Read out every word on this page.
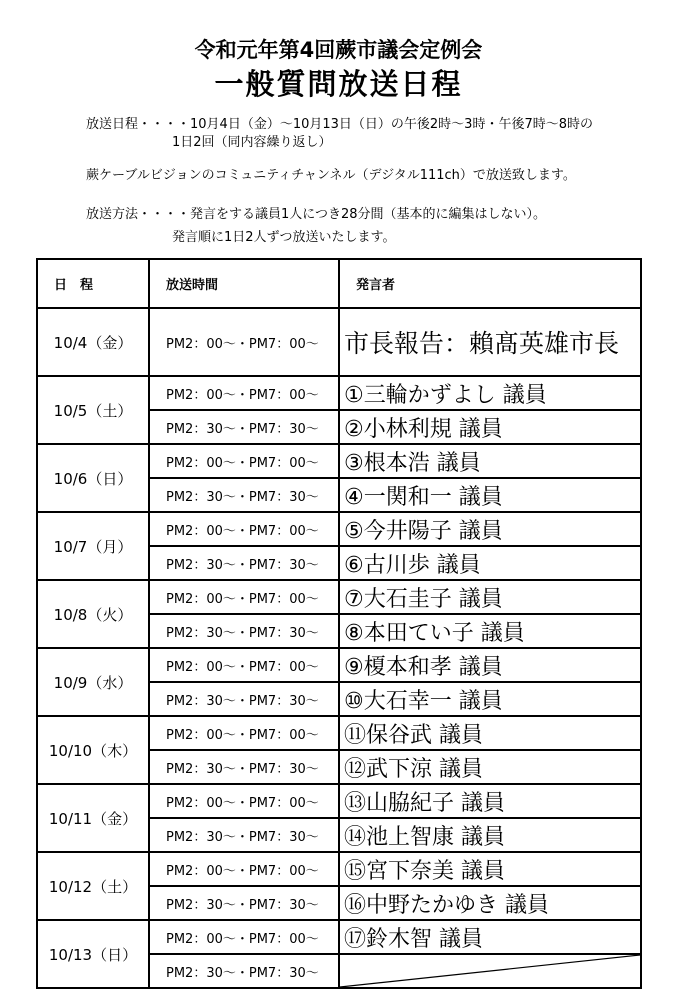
令和元年第4回蕨市議会定例会
一般質問放送日程
放送日程・・・・10月4日（金）～10月13日（日）の午後2時～3時・午後7時～8時の
1日2回（同内容繰り返し）
蕨ケーブルビジョンのコミュニティチャンネル（デジタル111ch）で放送致します。
放送方法・・・・発言をする議員1人につき28分間（基本的に編集はしない）。
発言順に1日2人ずつ放送いたします。
日　程	放送時間	発言者
10/4（金）	PM2：00～・PM7：00～	市長報告：賴髙英雄市長
10/5（土）	PM2：00～・PM7：00～	①三輪かずよし 議員
	PM2：30～・PM7：30～	②小林利規 議員
10/6（日）	PM2：00～・PM7：00～	③根本浩 議員
	PM2：30～・PM7：30～	④一関和一 議員
10/7（月）	PM2：00～・PM7：00～	⑤今井陽子 議員
	PM2：30～・PM7：30～	⑥古川歩 議員
10/8（火）	PM2：00～・PM7：00～	⑦大石圭子 議員
	PM2：30～・PM7：30～	⑧本田てい子 議員
10/9（水）	PM2：00～・PM7：00～	⑨榎本和孝 議員
	PM2：30～・PM7：30～	⑩大石幸一 議員
10/10（木）	PM2：00～・PM7：00～	⑪保谷武 議員
	PM2：30～・PM7：30～	⑫武下涼 議員
10/11（金）	PM2：00～・PM7：00～	⑬山脇紀子 議員
	PM2：30～・PM7：30～	⑭池上智康 議員
10/12（土）	PM2：00～・PM7：00～	⑮宮下奈美 議員
	PM2：30～・PM7：30～	⑯中野たかゆき 議員
10/13（日）	PM2：00～・PM7：00～	⑰鈴木智 議員
	PM2：30～・PM7：30～	
